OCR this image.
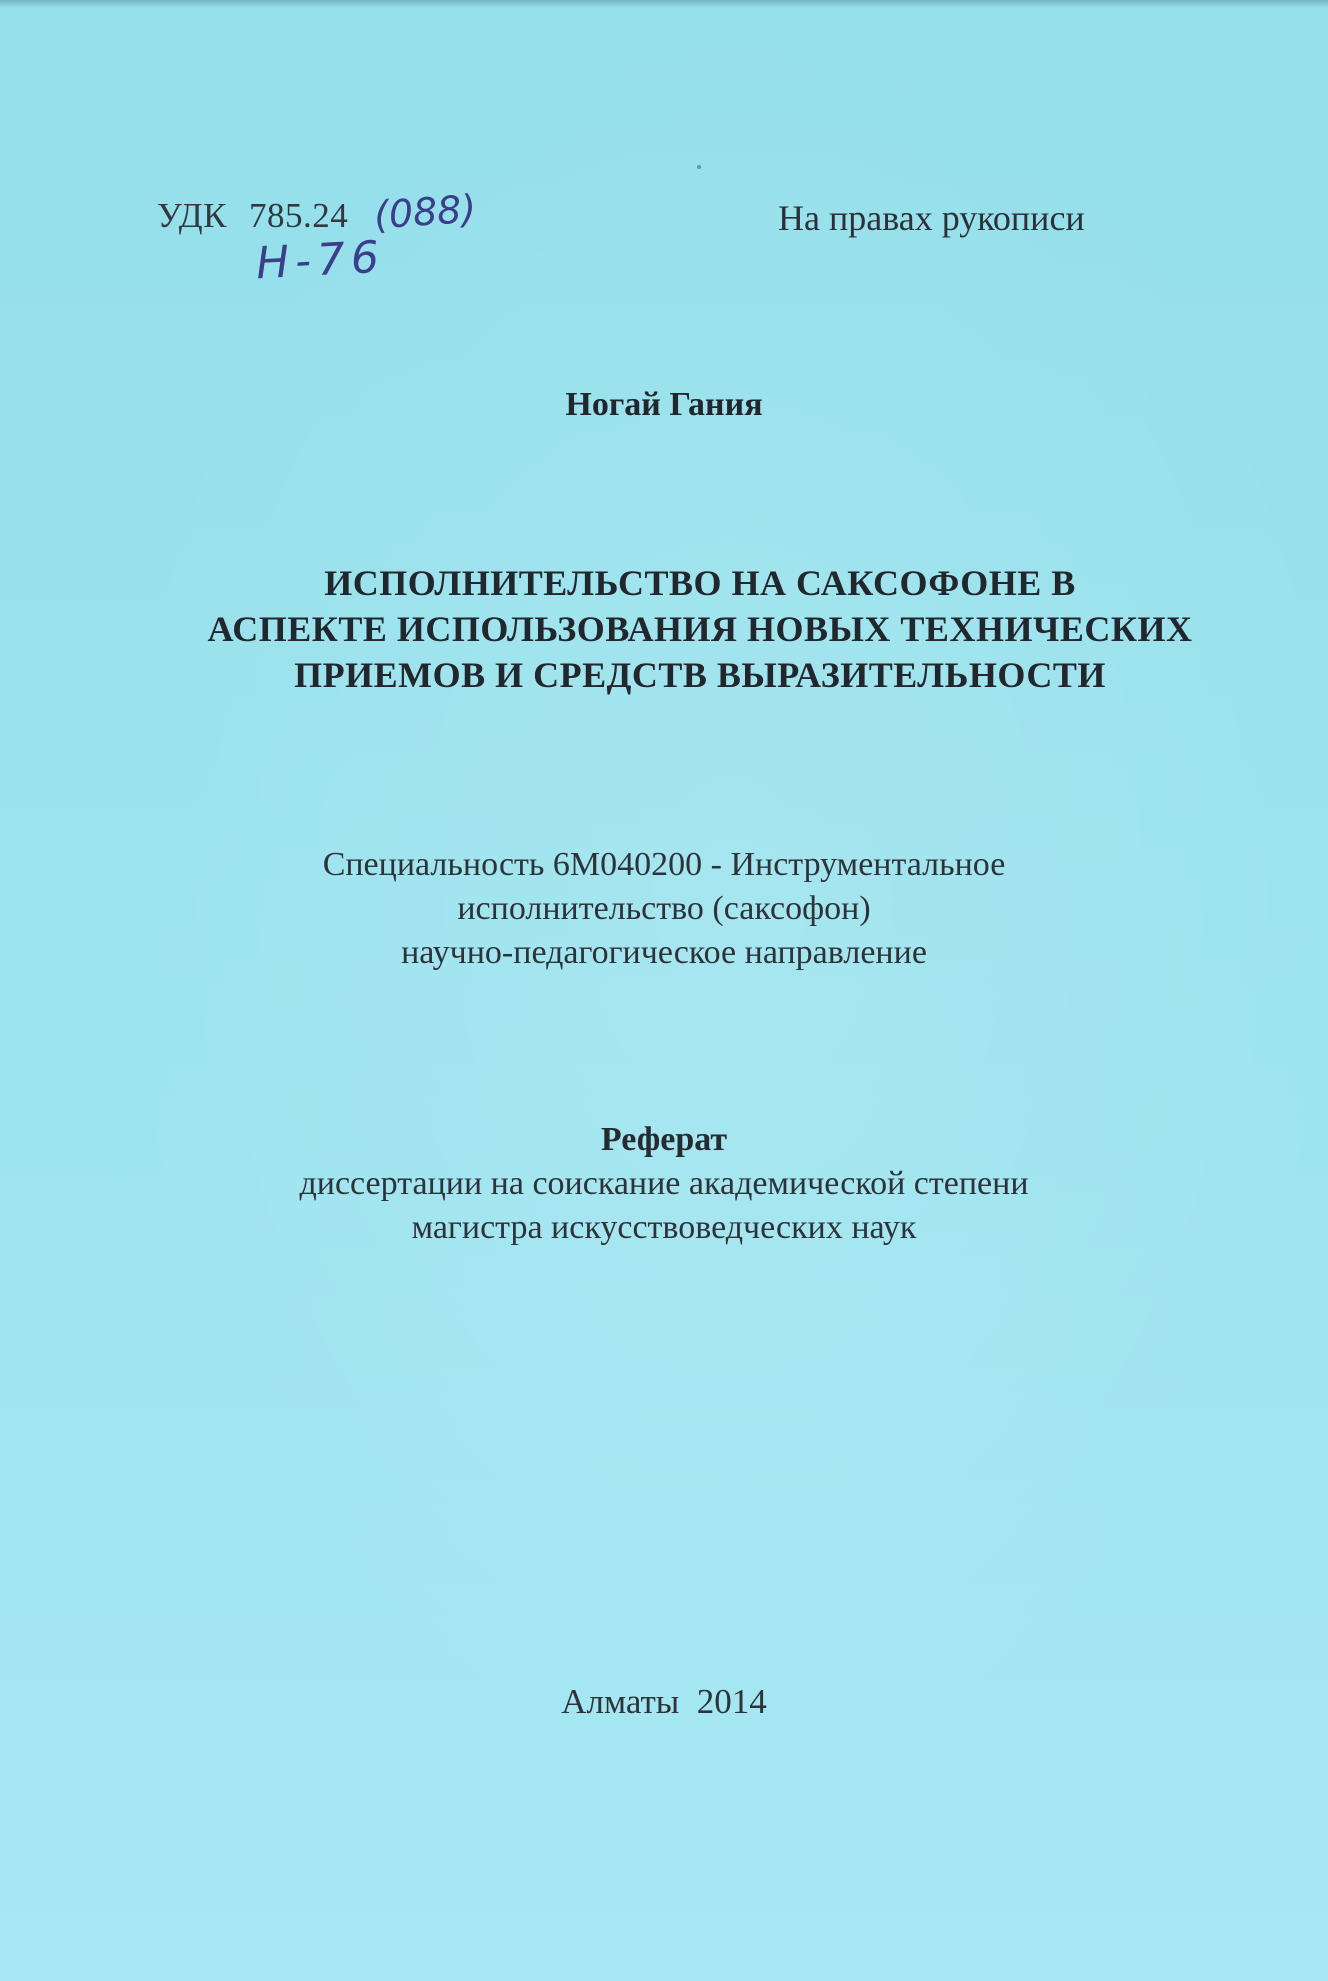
УДК 785.24 (088)
Н-76
На правах рукописи
Ногай Гания
ИСПОЛНИТЕЛЬСТВО НА САКСОФОНЕ В
АСПЕКТЕ ИСПОЛЬЗОВАНИЯ НОВЫХ ТЕХНИЧЕСКИХ
ПРИЕМОВ И СРЕДСТВ ВЫРАЗИТЕЛЬНОСТИ
Специальность 6М040200 - Инструментальное
исполнительство (саксофон)
научно-педагогическое направление
Реферат
диссертации на соискание академической степени
магистра искусствоведческих наук
Алматы  2014
